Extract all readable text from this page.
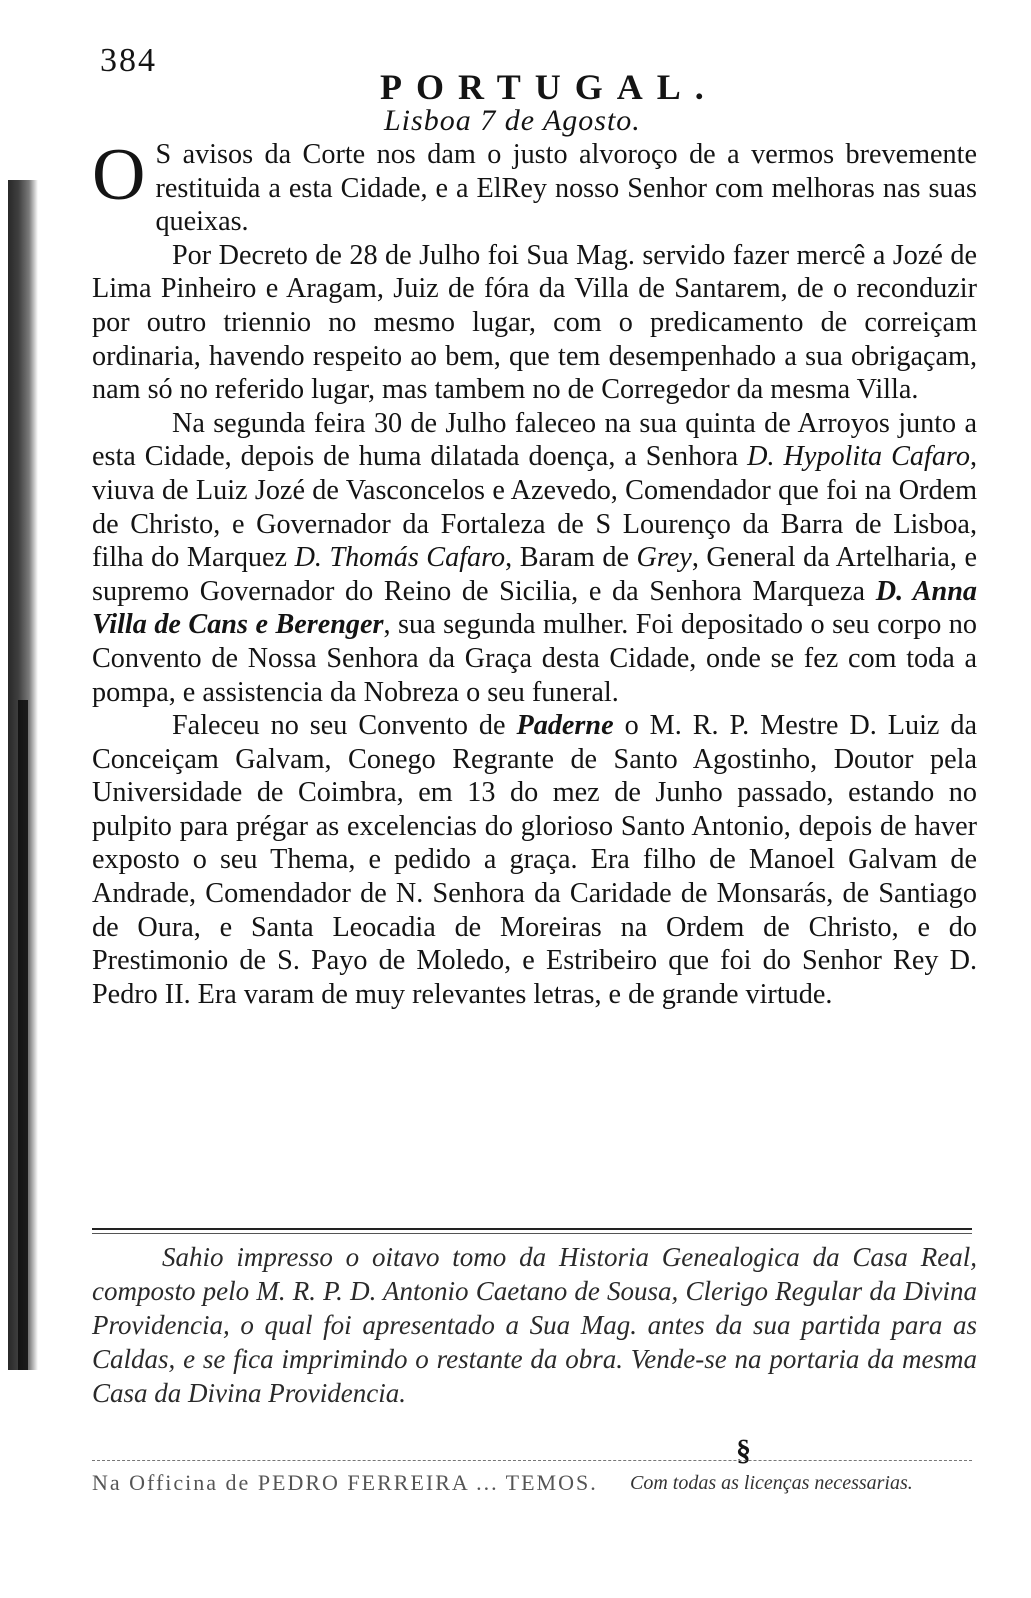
384
PORTUGAL.
Lisboa 7 de Agosto.

O S avisos da Corte nos dam o justo alvoroço de a vermos brevemente restituida a esta Cidade, e a ElRey nosso Senhor com melhoras nas suas queixas.

Por Decreto de 28 de Julho foi Sua Mag. servido fazer mercê a Jozé de Lima Pinheiro e Aragam, Juiz de fóra da Villa de Santarem, de o reconduzir por outro triennio no mesmo lugar, com o predicamento de correiçam ordinaria, havendo respeito ao bem, que tem desempenhado a sua obrigaçam, nam só no referido lugar, mas tambem no de Corregedor da mesma Villa.

Na segunda feira 30 de Julho faleceo na sua quinta de Arroyos junto a esta Cidade, depois de huma dilatada doença, a Senhora D. Hypolita Cafaro, viuva de Luiz Jozé de Vasconcelos e Azevedo, Comendador que foi na Ordem de Christo, e Governador da Fortaleza de S Lourenço da Barra de Lisboa, filha do Marquez D. Thomás Cafaro, Baram de Grey, General da Artelharia, e supremo Governador do Reino de Sicilia, e da Senhora Marqueza D. Anna Villa de Cans e Berenger, sua segunda mulher. Foi depositado o seu corpo no Convento de Nossa Senhora da Graça desta Cidade, onde se fez com toda a pompa, e assistencia da Nobreza o seu funeral.

Faleceu no seu Convento de Paderne o M. R. P. Mestre D. Luiz da Conceiçam Galvam, Conego Regrante de Santo Agostinho, Doutor pela Universidade de Coimbra, em 13 do mez de Junho passado, estando no pulpito para prégar as excelencias do glorioso Santo Antonio, depois de haver exposto o seu Thema, e pedido a graça. Era filho de Manoel Galvam de Andrade, Comendador de N. Senhora da Caridade de Monsarás, de Santiago de Oura, e Santa Leocadia de Moreiras na Ordem de Christo, e do Prestimonio de S. Payo de Moledo, e Estribeiro que foi do Senhor Rey D. Pedro II. Era varam de muy relevantes letras, e de grande virtude.

Sahio impresso o oitavo tomo da Historia Genealogica da Casa Real, composto pelo M. R. P. D. Antonio Caetano de Sousa, Clerigo Regular da Divina Providencia, o qual foi apresentado a Sua Mag. antes da sua partida para as Caldas, e se fica imprimindo o restante da obra. Vende-se na portaria da mesma Casa da Divina Providencia.

§
Na Officina de PEDRO FERREIRA ... TEMOS. Com todas as licenças necessarias.
